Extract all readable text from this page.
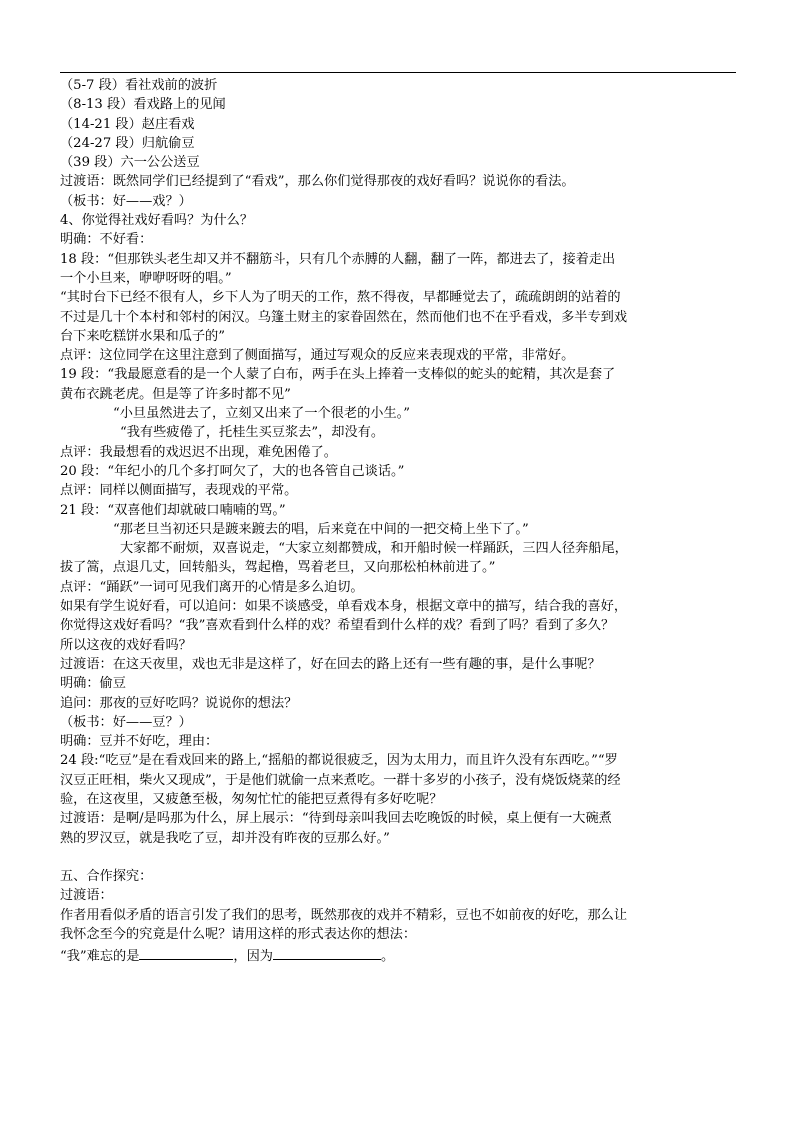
（5-7 段）看社戏前的波折
（8-13 段）看戏路上的见闻
（14-21 段）赵庄看戏
（24-27 段）归航偷豆
（39 段）六一公公送豆
过渡语：既然同学们已经提到了“看戏”，那么你们觉得那夜的戏好看吗？说说你的看法。
（板书：好——戏？）
4、你觉得社戏好看吗？为什么？
明确：不好看：
18 段：“但那铁头老生却又并不翻筋斗，只有几个赤膊的人翻，翻了一阵，都进去了，接着走出
一个小旦来，咿咿呀呀的唱。”
“其时台下已经不很有人，乡下人为了明天的工作，熬不得夜，早都睡觉去了，疏疏朗朗的站着的
不过是几十个本村和邻村的闲汉。乌篷土财主的家眷固然在，然而他们也不在乎看戏，多半专到戏
台下来吃糕饼水果和瓜子的”
点评：这位同学在这里注意到了侧面描写，通过写观众的反应来表现戏的平常，非常好。
19 段：“我最愿意看的是一个人蒙了白布，两手在头上捧着一支棒似的蛇头的蛇精，其次是套了
黄布衣跳老虎。但是等了许多时都不见”
“小旦虽然进去了，立刻又出来了一个很老的小生。”
“我有些疲倦了，托桂生买豆浆去”，却没有。
点评：我最想看的戏迟迟不出现，难免困倦了。
20 段：“年纪小的几个多打呵欠了，大的也各管自己谈话。”
点评：同样以侧面描写，表现戏的平常。
21 段：“双喜他们却就破口喃喃的骂。”
“那老旦当初还只是踱来踱去的唱，后来竟在中间的一把交椅上坐下了。”
大家都不耐烦，双喜说走，“大家立刻都赞成，和开船时候一样踊跃，三四人径奔船尾，
拔了篙，点退几丈，回转船头，驾起橹，骂着老旦，又向那松柏林前进了。”
点评：“踊跃”一词可见我们离开的心情是多么迫切。
如果有学生说好看，可以追问：如果不谈感受，单看戏本身，根据文章中的描写，结合我的喜好，
你觉得这戏好看吗？“我”喜欢看到什么样的戏？希望看到什么样的戏？看到了吗？看到了多久？
所以这夜的戏好看吗？
过渡语：在这天夜里，戏也无非是这样了，好在回去的路上还有一些有趣的事，是什么事呢？
明确：偷豆
追问：那夜的豆好吃吗？说说你的想法？
（板书：好——豆？）
明确：豆并不好吃，理由：
24 段:“吃豆”是在看戏回来的路上,“摇船的都说很疲乏，因为太用力，而且许久没有东西吃。”“罗
汉豆正旺相，柴火又现成”，于是他们就偷一点来煮吃。一群十多岁的小孩子，没有烧饭烧菜的经
验，在这夜里，又疲惫至极，匆匆忙忙的能把豆煮得有多好吃呢？
过渡语：是啊/是吗那为什么，屏上展示：“待到母亲叫我回去吃晚饭的时候，桌上便有一大碗煮
熟的罗汉豆，就是我吃了豆，却并没有昨夜的豆那么好。”
五、合作探究：
过渡语：
作者用看似矛盾的语言引发了我们的思考，既然那夜的戏并不精彩，豆也不如前夜的好吃，那么让
我怀念至今的究竟是什么呢？请用这样的形式表达你的想法：
“我”难忘的是	，因为	。
